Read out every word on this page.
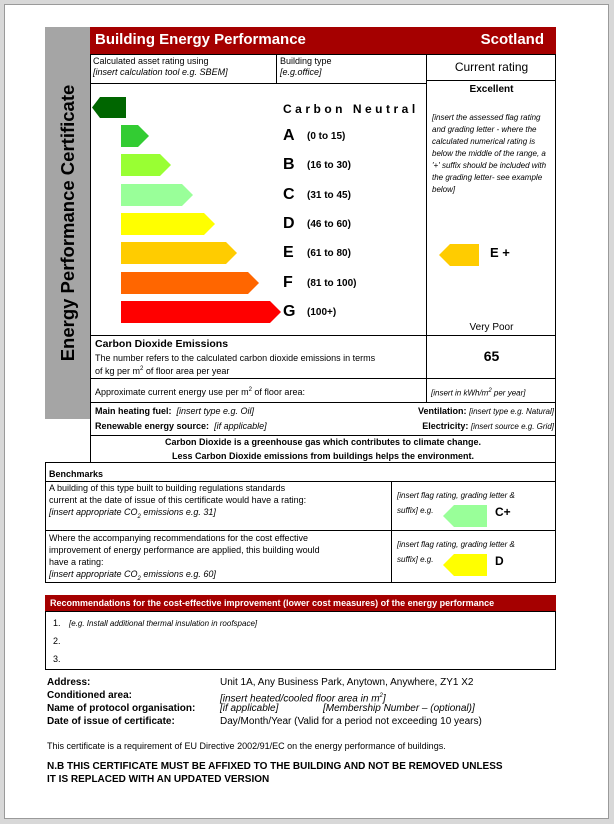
Energy Performance Certificate
Building Energy Performance	Scotland
Calculated asset rating using
[insert calculation tool e.g. SBEM]
Building type
[e.g.office]	Current rating
Excellent
[insert the assessed flag rating and grading letter - where the calculated numerical rating is below the middle of the range, a '+' suffix should be included with the grading letter- see example below]
Carbon Neutral
A (0 to 15)
B (16 to 30)
C (31 to 45)
D (46 to 60)
E (61 to 80)
F (81 to 100)
G (100+)
E +
Very Poor
Carbon Dioxide Emissions
The number refers to the calculated carbon dioxide emissions in terms
of kg per $m^2$ of floor area per year
65
Approximate current energy use per $m^2$ of floor area:	[insert in kWh/$m^2$ per year]
Main heating fuel: [insert type e.g. Oil]	Ventilation: [insert type e.g. Natural]
Renewable energy source: [if applicable]	Electricity: [insert source e.g. Grid]
Carbon Dioxide is a greenhouse gas which contributes to climate change.
Less Carbon Dioxide emissions from buildings helps the environment.
Benchmarks
A building of this type built to building regulations standards
current at the date of issue of this certificate would have a rating:
[insert appropriate $CO_2$ emissions e.g. 31]
[insert flag rating, grading letter &
suffix] e.g.	C+
Where the accompanying recommendations for the cost effective
improvement of energy performance are applied, this building would
have a rating:
[insert appropriate $CO_2$ emissions e.g. 60]
[insert flag rating, grading letter &
suffix] e.g.	D
Recommendations for the cost-effective improvement (lower cost measures) of the energy performance
1. [e.g. Install additional thermal insulation in roofspace]
2.
3.
Address:	Unit 1A, Any Business Park, Anytown, Anywhere, ZY1 X2
Conditioned area:	[insert heated/cooled floor area in $m^2$]
Name of protocol organisation: [if applicable]	[Membership Number – (optional)]
Date of issue of certificate:	Day/Month/Year (Valid for a period not exceeding 10 years)
This certificate is a requirement of EU Directive 2002/91/EC on the energy performance of buildings.
N.B THIS CERTIFICATE MUST BE AFFIXED TO THE BUILDING AND NOT BE REMOVED UNLESS
IT IS REPLACED WITH AN UPDATED VERSION
